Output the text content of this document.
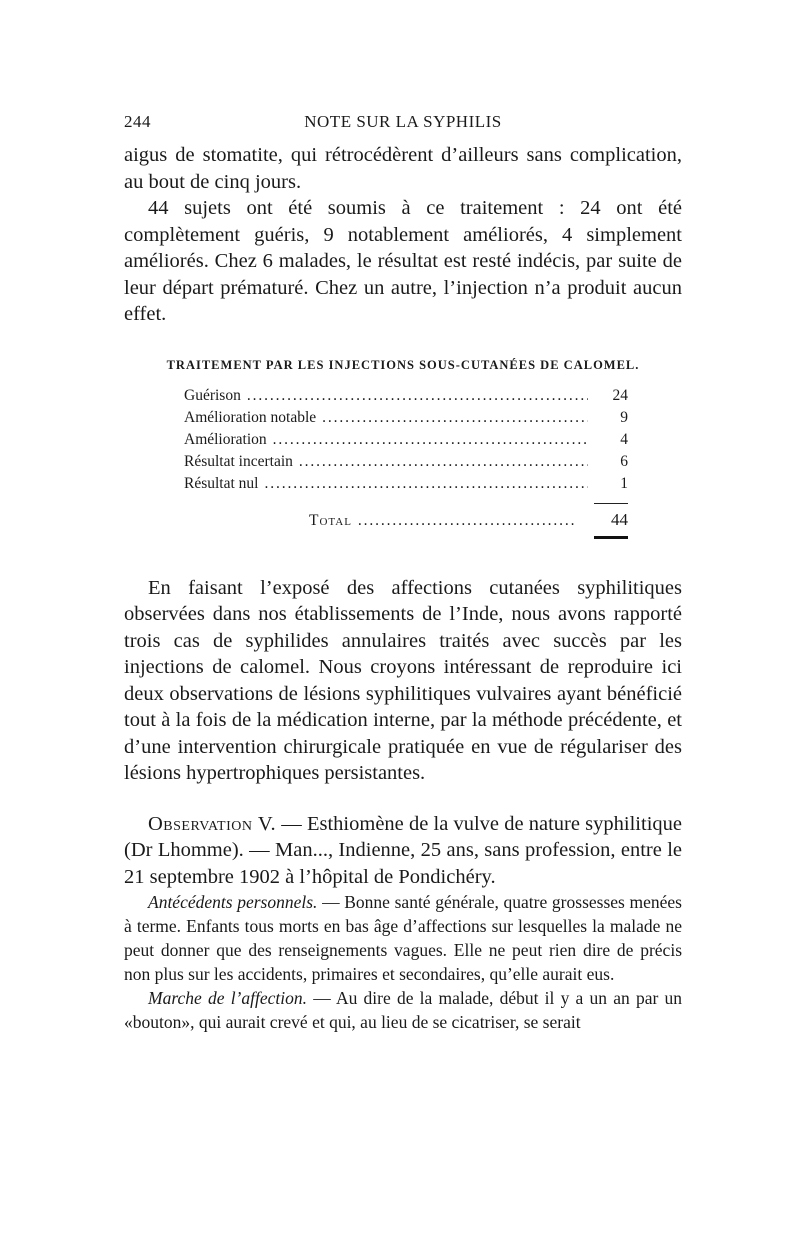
244	NOTE SUR LA SYPHILIS

aigus de stomatite, qui rétrocédèrent d’ailleurs sans complication, au bout de cinq jours.

44 sujets ont été soumis à ce traitement : 24 ont été complètement guéris, 9 notablement améliorés, 4 simplement améliorés. Chez 6 malades, le résultat est resté indécis, par suite de leur départ prématuré. Chez un autre, l’injection n’a produit aucun effet.

TRAITEMENT PAR LES INJECTIONS SOUS-CUTANÉES DE CALOMEL.

Guérison . . .	24
Amélioration notable . . .	9
Amélioration . . .	4
Résultat incertain . . .	6
Résultat nul . . .	1
Total . . .	44

En faisant l’exposé des affections cutanées syphilitiques observées dans nos établissements de l’Inde, nous avons rapporté trois cas de syphilides annulaires traités avec succès par les injections de calomel. Nous croyons intéressant de reproduire ici deux observations de lésions syphilitiques vulvaires ayant bénéficié tout à la fois de la médication interne, par la méthode précédente, et d’une intervention chirurgicale pratiquée en vue de régulariser des lésions hypertrophiques persistantes.

Observation V. — Esthiomène de la vulve de nature syphilitique (Dr Lhomme). — Man..., Indienne, 25 ans, sans profession, entre le 21 septembre 1902 à l’hôpital de Pondichéry.

Antécédents personnels. — Bonne santé générale, quatre grossesses menées à terme. Enfants tous morts en bas âge d’affections sur lesquelles la malade ne peut donner que des renseignements vagues. Elle ne peut rien dire de précis non plus sur les accidents, primaires et secondaires, qu’elle aurait eus.

Marche de l’affection. — Au dire de la malade, début il y a un an par un «bouton», qui aurait crevé et qui, au lieu de se cicatriser, se serait
